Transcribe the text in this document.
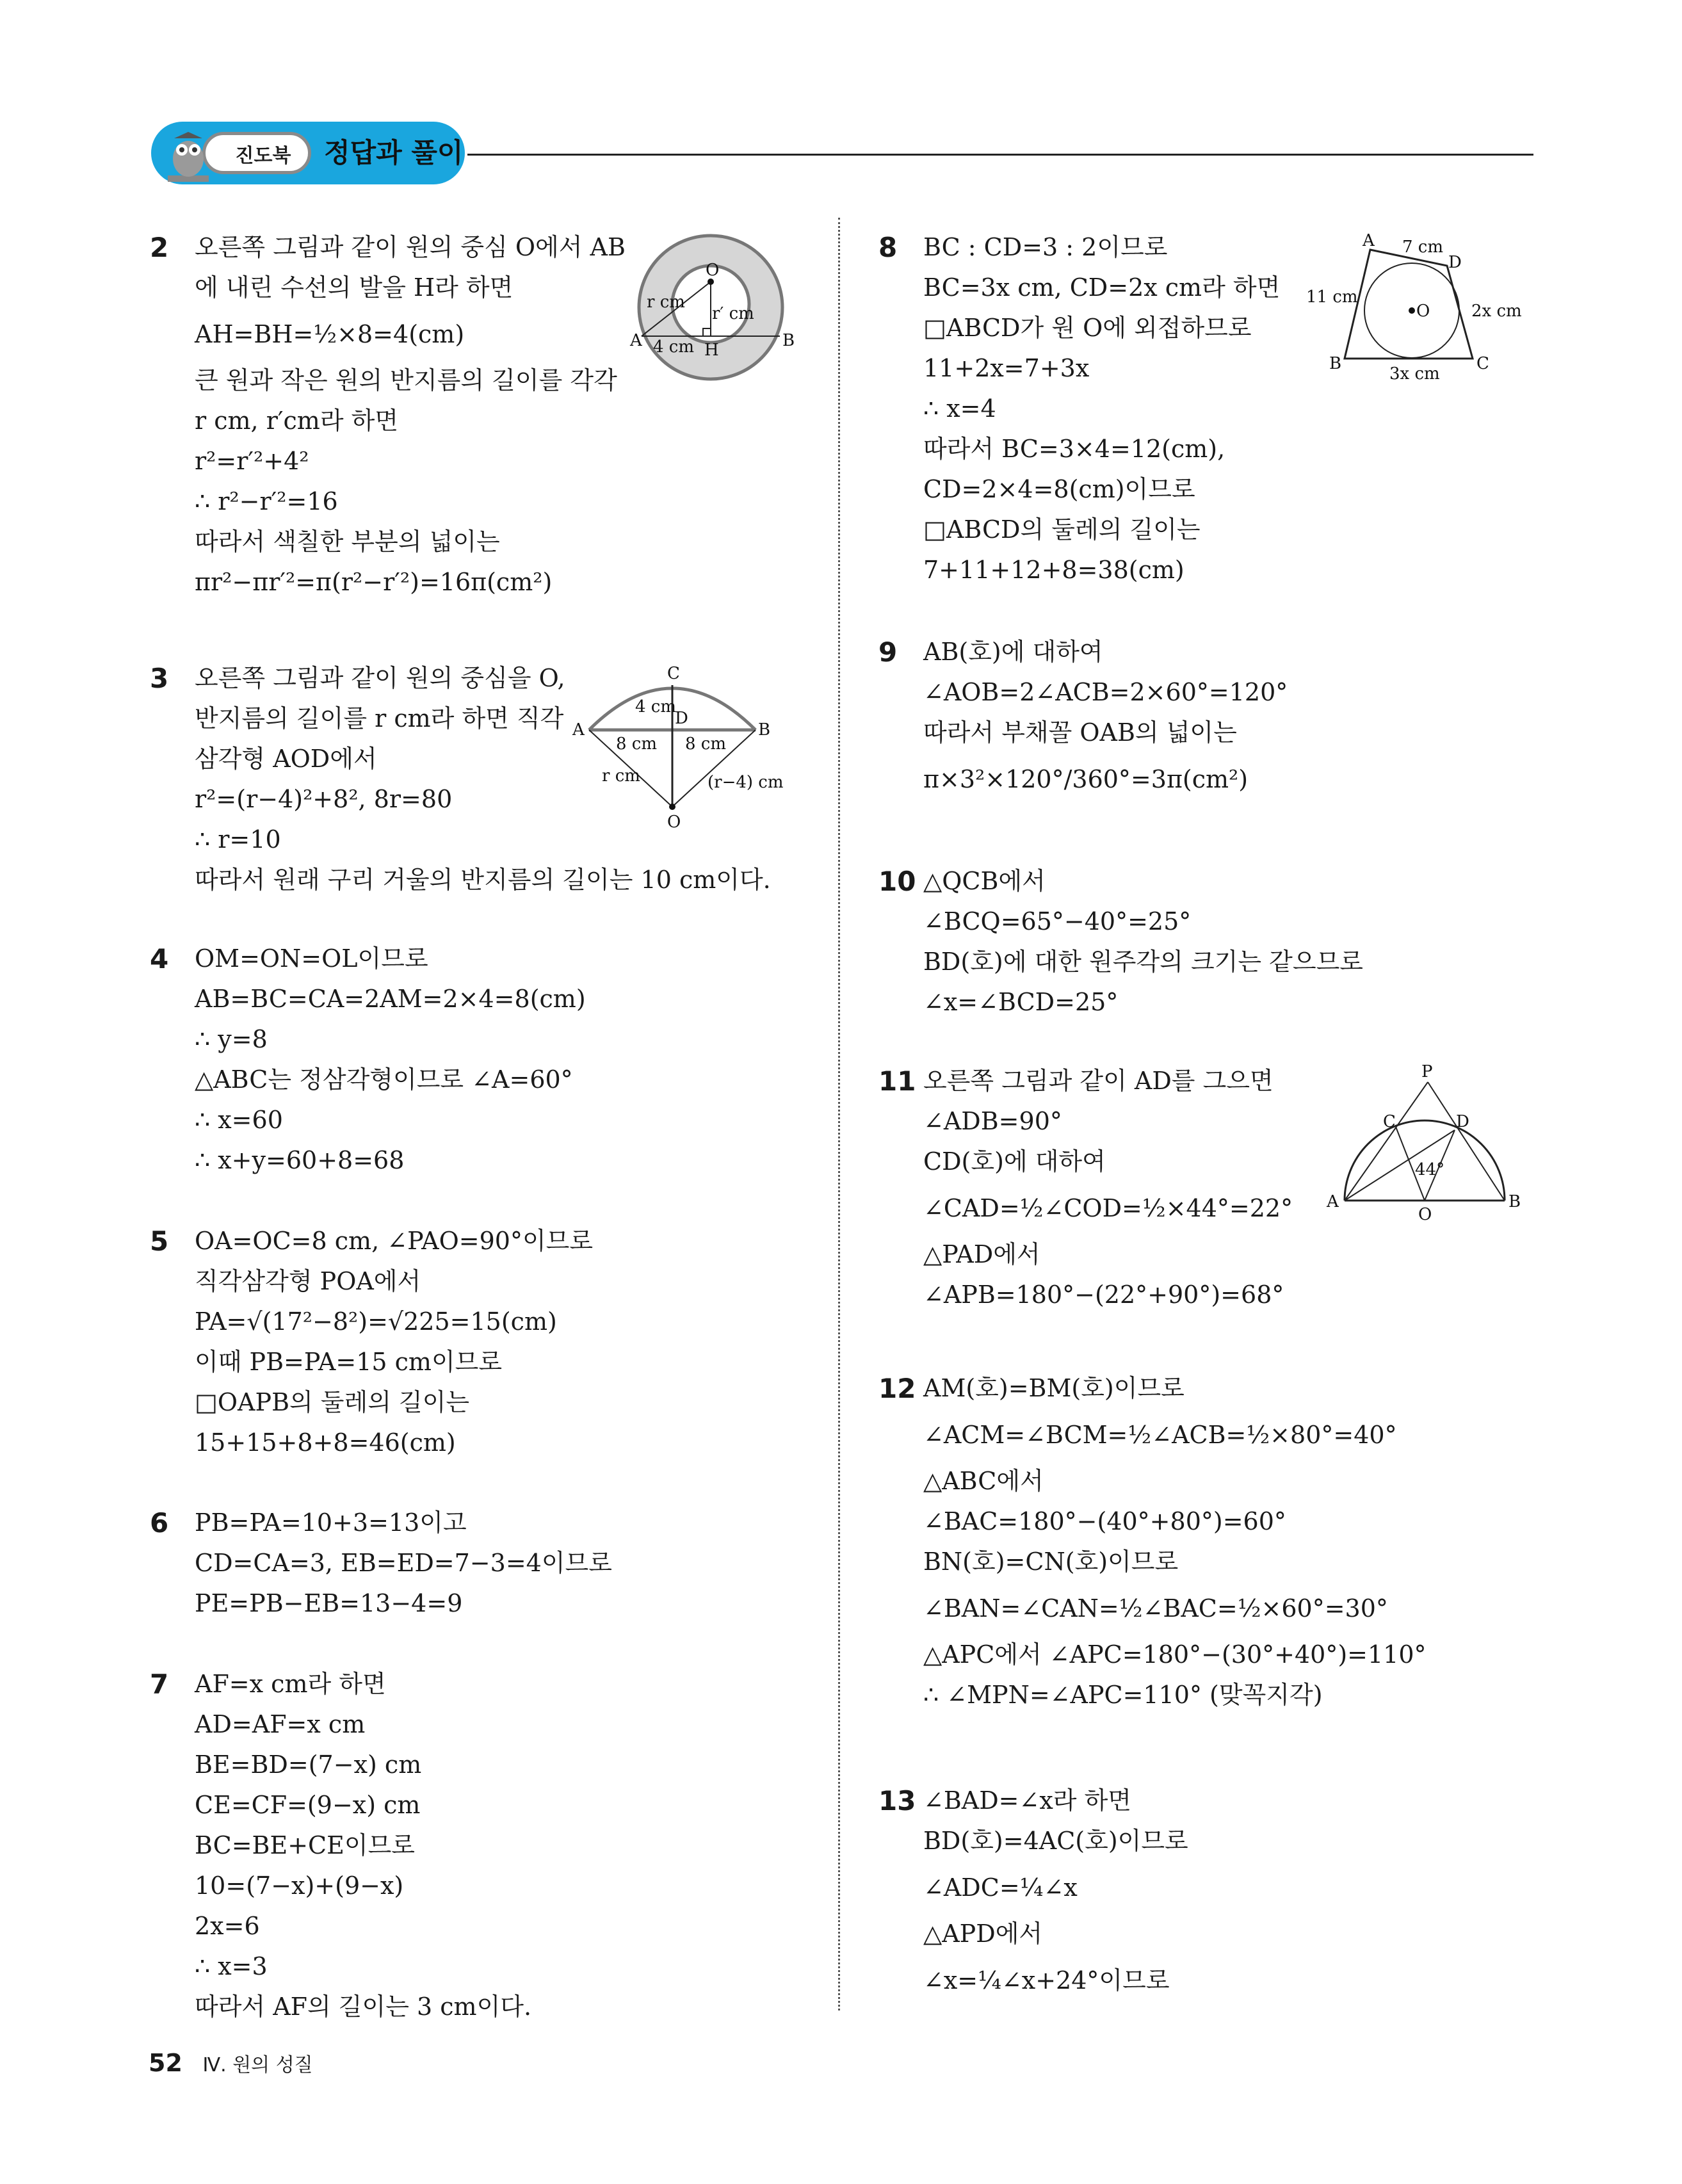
진도북	정답과 풀이
2 오른쪽 그림과 같이 원의 중심 O에서 AB
에 내린 수선의 발을 H라 하면
AH=BH=½×8=4(cm)
큰 원과 작은 원의 반지름의 길이를 각각
r cm, r′cm라 하면
r²=r′²+4²
∴ r²−r′²=16
따라서 색칠한 부분의 넓이는
πr²−πr′²=π(r²−r′²)=16π(cm²)
3 오른쪽 그림과 같이 원의 중심을 O,
반지름의 길이를 r cm라 하면 직각
삼각형 AOD에서
r²=(r−4)²+8², 8r=80
∴ r=10
따라서 원래 구리 거울의 반지름의 길이는 10 cm이다.
4 OM=ON=OL이므로
AB=BC=CA=2AM=2×4=8(cm)
∴ y=8
△ABC는 정삼각형이므로 ∠A=60°
∴ x=60
∴ x+y=60+8=68
5 OA=OC=8 cm, ∠PAO=90°이므로
직각삼각형 POA에서
PA=√(17²−8²)=√225=15(cm)
이때 PB=PA=15 cm이므로
□OAPB의 둘레의 길이는
15+15+8+8=46(cm)
6 PB=PA=10+3=13이고
CD=CA=3, EB=ED=7−3=4이므로
PE=PB−EB=13−4=9
7 AF=x cm라 하면
AD=AF=x cm
BE=BD=(7−x) cm
CE=CF=(9−x) cm
BC=BE+CE이므로
10=(7−x)+(9−x)
2x=6
∴ x=3
따라서 AF의 길이는 3 cm이다.
8 BC : CD=3 : 2이므로
BC=3x cm, CD=2x cm라 하면
□ABCD가 원 O에 외접하므로
11+2x=7+3x
∴ x=4
따라서 BC=3×4=12(cm),
CD=2×4=8(cm)이므로
□ABCD의 둘레의 길이는
7+11+12+8=38(cm)
9 AB(호)에 대하여
∠AOB=2∠ACB=2×60°=120°
따라서 부채꼴 OAB의 넓이는
π×3²×120°/360°=3π(cm²)
10 △QCB에서
∠BCQ=65°−40°=25°
BD(호)에 대한 원주각의 크기는 같으므로
∠x=∠BCD=25°
11 오른쪽 그림과 같이 AD를 그으면
∠ADB=90°
CD(호)에 대하여
∠CAD=½∠COD=½×44°=22°
△PAD에서
∠APB=180°−(22°+90°)=68°
12 AM(호)=BM(호)이므로
∠ACM=∠BCM=½∠ACB=½×80°=40°
△ABC에서
∠BAC=180°−(40°+80°)=60°
BN(호)=CN(호)이므로
∠BAN=∠CAN=½∠BAC=½×60°=30°
△APC에서 ∠APC=180°−(30°+40°)=110°
∴ ∠MPN=∠APC=110° (맞꼭지각)
13 ∠BAD=∠x라 하면
BD(호)=4AC(호)이므로
∠ADC=¼∠x
△APD에서
∠x=¼∠x+24°이므로
O
r cm
r′ cm
A 4 cm H	B
C
4 cm
D
A	B
8 cm 8 cm
r cm	(r−4) cm
O
A 7 cm
D
11 cm
O 2x cm
B
3x cm
C
P
C	D
44°
A
O
B
52 Ⅳ. 원의 성질
